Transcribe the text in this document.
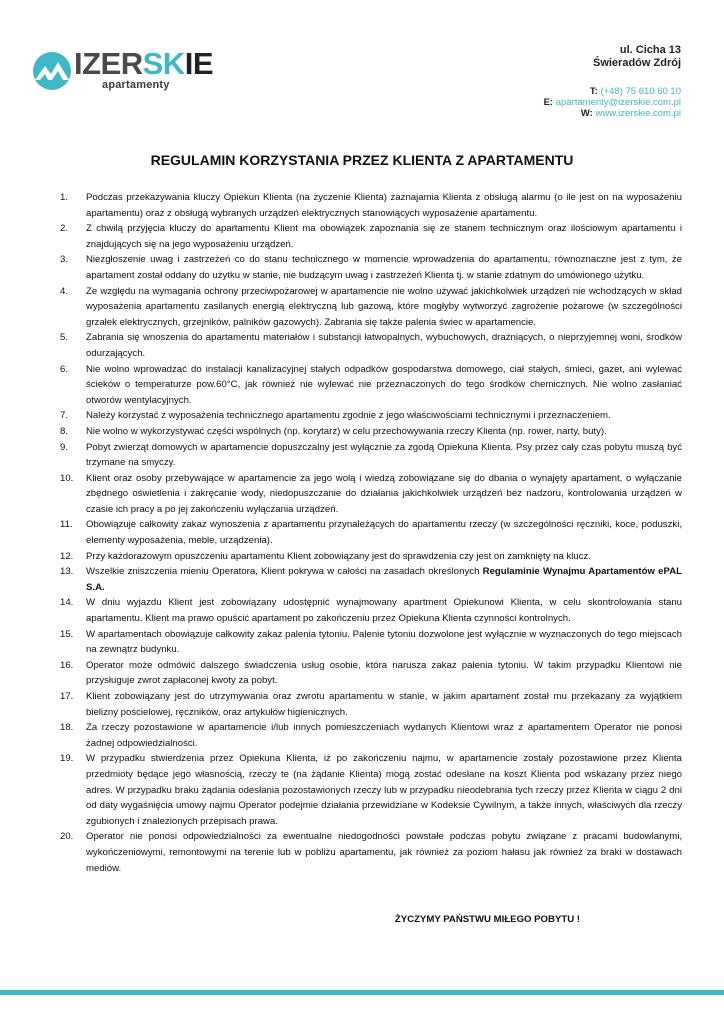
IZERSKIE
apartamenty
ul. Cicha 13
Świeradów Zdrój
T: (+48) 75 610 60 10
E: apartamenty@izerskie.com.pl
W: www.izerskie.com.pl
REGULAMIN KORZYSTANIA PRZEZ KLIENTA Z APARTAMENTU
1.	Podczas przekazywania kluczy Opiekun Klienta (na życzenie Klienta) zaznajamia Klienta z obsługą alarmu (o ile jest on na wyposażeniu apartamentu) oraz z obsługą wybranych urządzeń elektrycznych stanowiących wyposażenie apartamentu.
2.	Z chwilą przyjęcia kluczy do apartamentu Klient ma obowiązek zapoznania się ze stanem technicznym oraz ilościowym apartamentu i znajdujących się na jego wyposażeniu urządzeń.
3.	Niezgłoszenie uwag i zastrzeżeń co do stanu technicznego w momencie wprowadzenia do apartamentu, równoznaczne jest z tym, że apartament został oddany do użytku w stanie, nie budzącym uwag i zastrzeżeń Klienta tj. w stanie zdatnym do umówionego użytku.
4.	Ze względu na wymagania ochrony przeciwpożarowej w apartamencie nie wolno używać jakichkolwiek urządzeń nie wchodzących w skład wyposażenia apartamentu zasilanych energią elektryczną lub gazową, które mogłyby wytworzyć zagrożenie pożarowe (w szczególności grzałek elektrycznych, grzejników, palników gazowych). Zabrania się także palenia świec w apartamencie.
5.	Zabrania się wnoszenia do apartamentu materiałów i substancji łatwopalnych, wybuchowych, drażniących, o nieprzyjemnej woni, środków odurzających.
6.	Nie wolno wprowadzać do instalacji kanalizacyjnej stałych odpadków gospodarstwa domowego, ciał stałych, śmieci, gazet, ani wylewać ścieków o temperaturze pow.60°C, jak również nie wylewać nie przeznaczonych do tego środków chemicznych. Nie wolno zasłaniać otworów wentylacyjnych.
7.	Należy korzystać z wyposażenia technicznego apartamentu zgodnie z jego właściwościami technicznymi i przeznaczeniem.
8.	Nie wolno w wykorzystywać części wspólnych (np. korytarz) w celu przechowywania rzeczy Klienta (np. rower, narty, buty).
9.	Pobyt zwierząt domowych w apartamencie dopuszczalny jest wyłącznie za zgodą Opiekuna Klienta. Psy przez cały czas pobytu muszą być trzymane na smyczy.
10.	Klient oraz osoby przebywające w apartamencie za jego wolą i wiedzą zobowiązane się do dbania o wynajęty apartament, o wyłączanie zbędnego oświetlenia i zakręcanie wody, niedopuszczanie do działania jakichkolwiek urządzeń bez nadzoru, kontrolowania urządzeń w czasie ich pracy a po jej zakończeniu wyłączania urządzeń.
11.	Obowiązuje całkowity zakaz wynoszenia z apartamentu przynależących do apartamentu rzeczy (w szczególności ręczniki, koce, poduszki, elementy wyposażenia, meble, urządzenia).
12.	Przy każdorazowym opuszczeniu apartamentu Klient zobowiązany jest do sprawdzenia czy jest on zamknięty na klucz.
13.	Wszelkie zniszczenia mieniu Operatora, Klient pokrywa w całości na zasadach określonych Regulaminie Wynajmu Apartamentów ePAL S.A.
14.	W dniu wyjazdu Klient jest zobowiązany udostępnić wynajmowany apartment Opiekunowi Klienta, w celu skontrolowania stanu apartamentu. Klient ma prawo opuścić apartament po zakończeniu przez Opiekuna Klienta czynności kontrolnych.
15.	W apartamentach obowiązuje całkowity zakaz palenia tytoniu. Palenie tytoniu dozwolone jest wyłącznie w wyznaczonych do tego miejscach na zewnątrz budynku.
16.	Operator może odmówić dalszego świadczenia usług osobie, która narusza zakaz palenia tytoniu. W takim przypadku Klientowi nie przysługuje zwrot zapłaconej kwoty za pobyt.
17.	Klient zobowiązany jest do utrzymywania oraz zwrotu apartamentu w stanie, w jakim apartament został mu przekazany za wyjątkiem bielizny pościelowej, ręczników, oraz artykułów higienicznych.
18.	Za rzeczy pozostawione w apartamencie i/lub innych pomieszczeniach wydanych Klientowi wraz z apartamentem Operator nie ponosi żadnej odpowiedzialności.
19.	W przypadku stwierdzenia przez Opiekuna Klienta, iż po zakończeniu najmu, w apartamencie zostały pozostawione przez Klienta przedmioty będące jego własnością, rzeczy te (na żądanie Klienta) mogą zostać odesłane na koszt Klienta pod wskazany przez niego adres. W przypadku braku żądania odesłania pozostawionych rzeczy lub w przypadku nieodebrania tych rzeczy przez Klienta w ciągu 2 dni od daty wygaśnięcia umowy najmu Operator podejmie działania przewidziane w Kodeksie Cywilnym, a także innych, właściwych dla rzeczy zgubionych i znalezionych przepisach prawa.
20.	Operator nie ponosi odpowiedzialności za ewentualne niedogodności powstałe podczas pobytu związane z pracami budowlanymi, wykończeniowymi, remontowymi na terenie lub w pobliżu apartamentu, jak również za poziom hałasu jak również za braki w dostawach mediów.
ŻYCZYMY PAŃSTWU MIŁEGO POBYTU !
